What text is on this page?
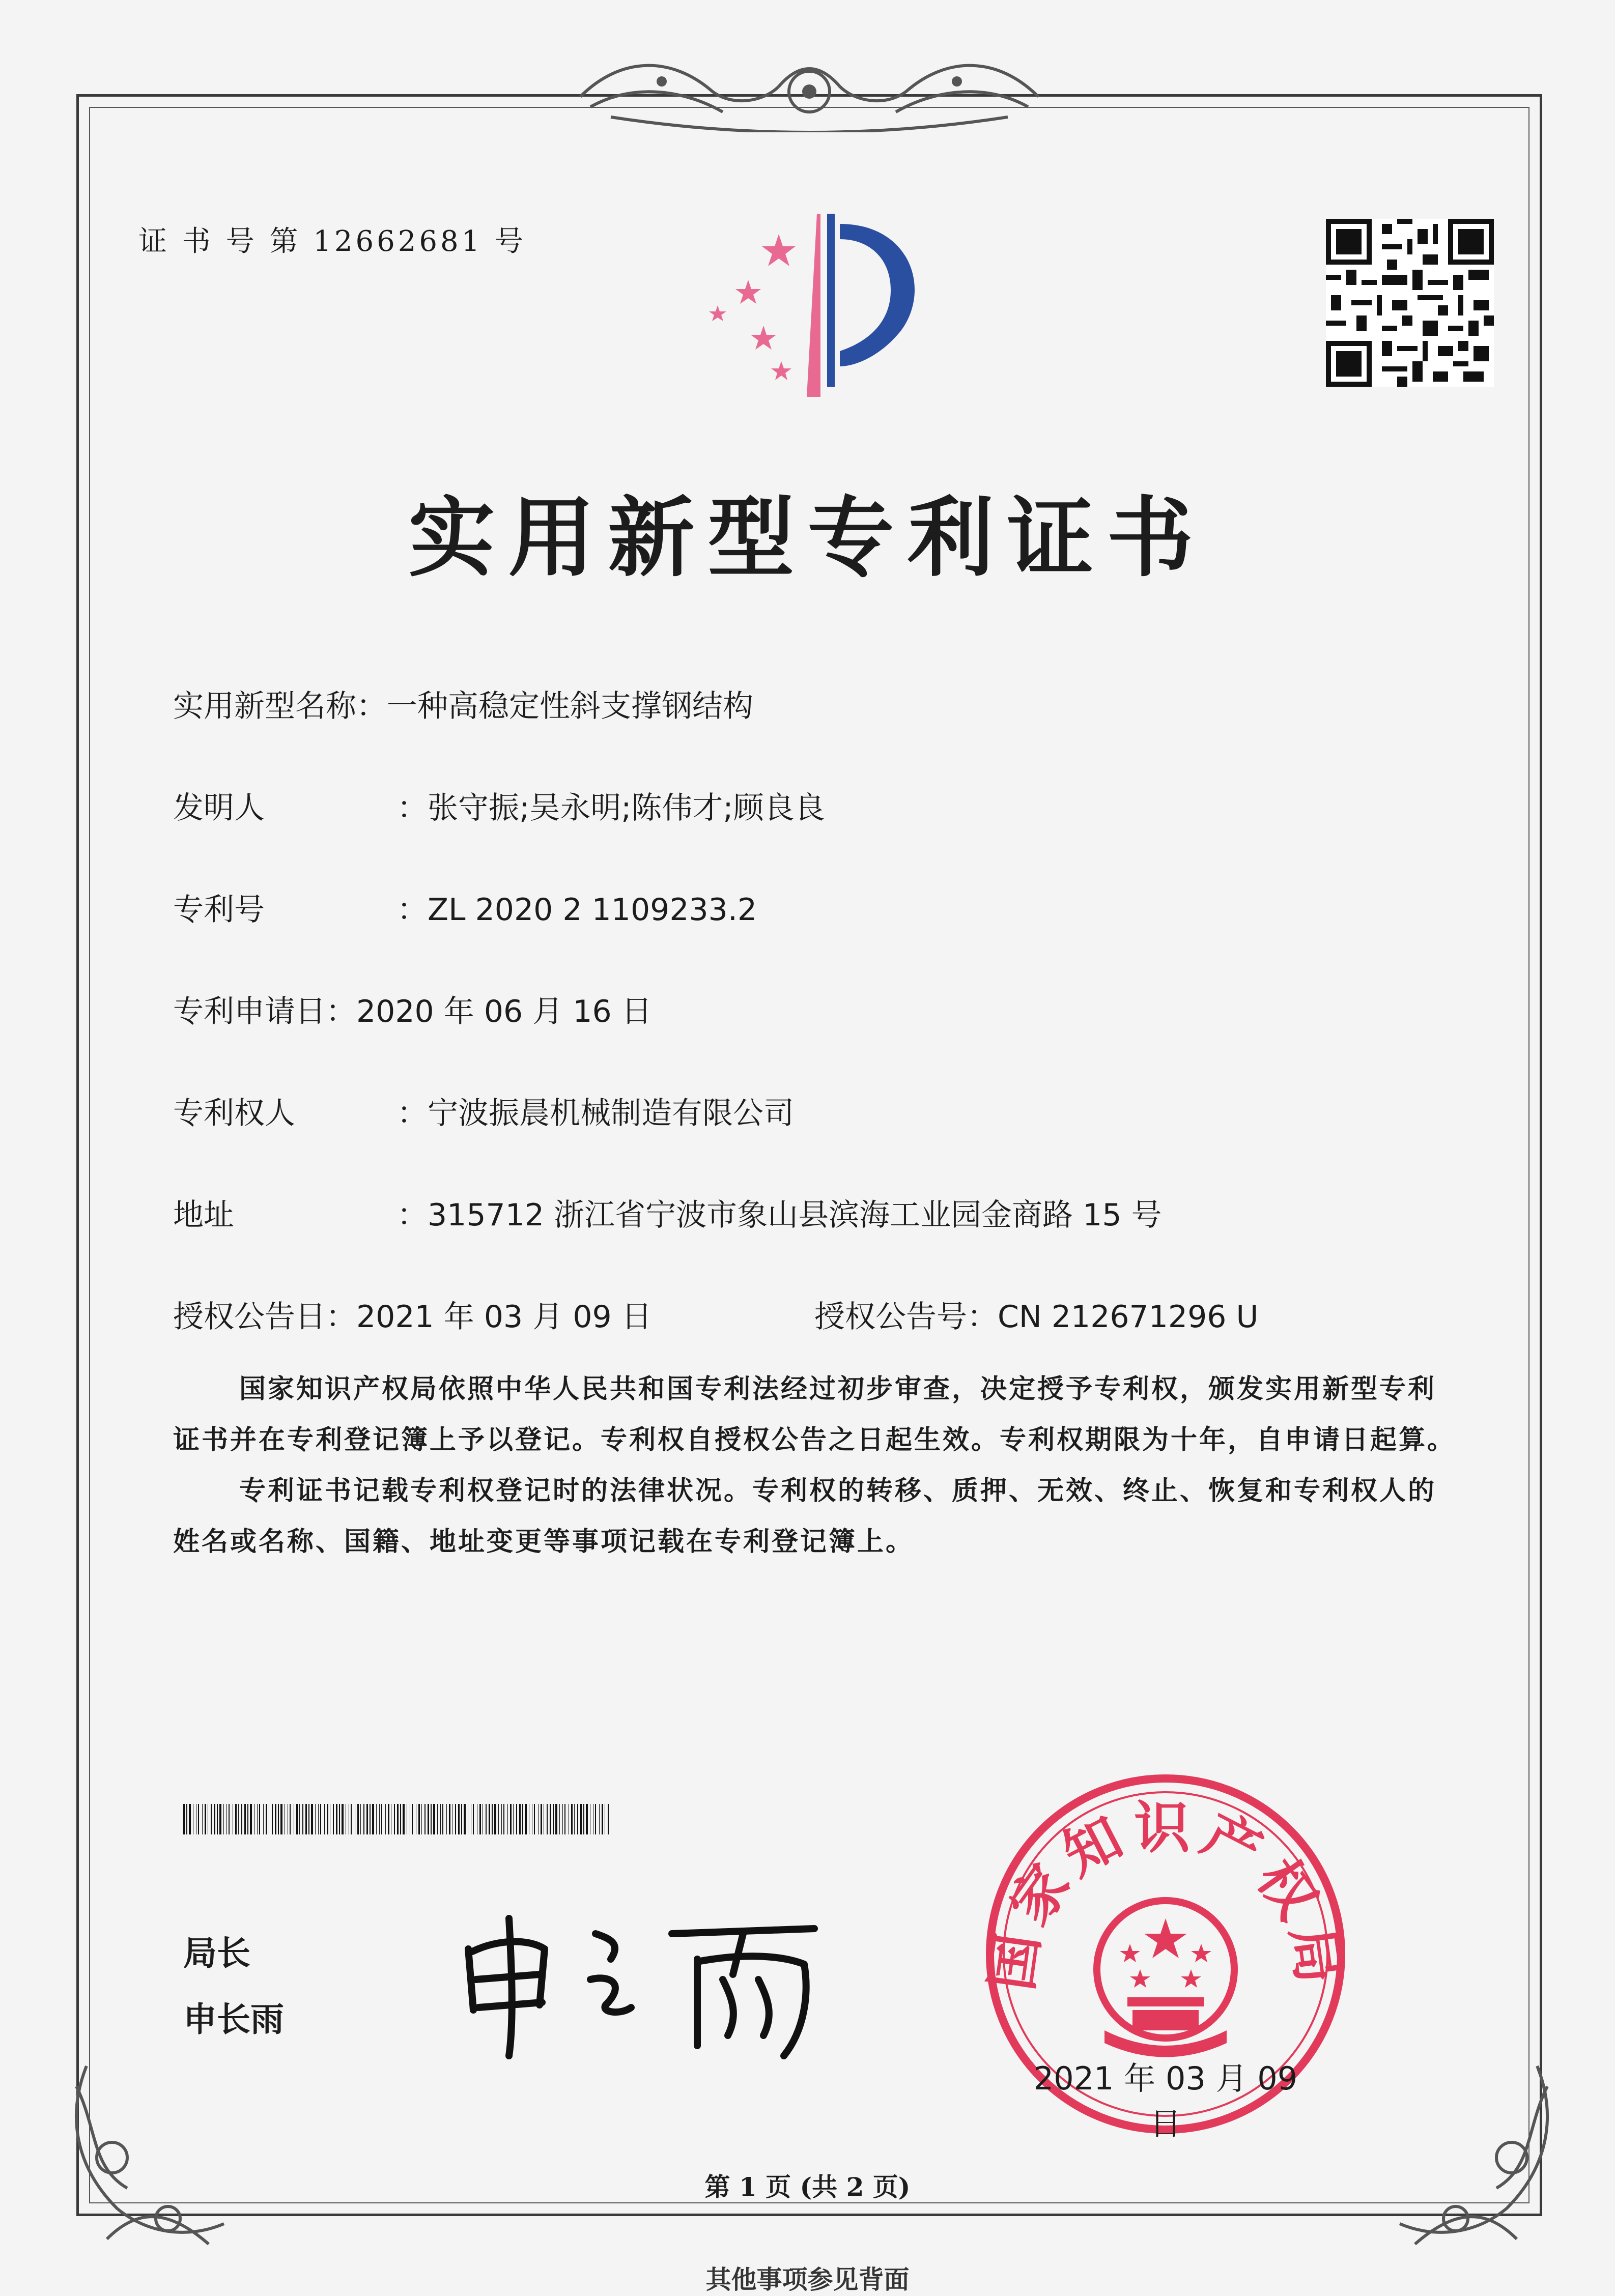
证 书 号 第 12662681 号
实用新型专利证书
实用新型名称：一种高稳定性斜支撑钢结构
发明人	：张守振;吴永明;陈伟才;顾良良
专利号	：ZL 2020 2 1109233.2
专利申请日：2020 年 06 月 16 日
专利权人	：宁波振晨机械制造有限公司
地址	：315712 浙江省宁波市象山县滨海工业园金商路 15 号
授权公告日：2021 年 03 月 09 日	授权公告号：CN 212671296 U

国家知识产权局依照中华人民共和国专利法经过初步审查，决定授予专利权，颁发实用新型专利证书并在专利登记簿上予以登记。专利权自授权公告之日起生效。专利权期限为十年，自申请日起算。

专利证书记载专利权登记时的法律状况。专利权的转移、质押、无效、终止、恢复和专利权人的姓名或名称、国籍、地址变更等事项记载在专利登记簿上。

局长
申长雨
国家知识产权局
2021 年 03 月 09 日
第 1 页 (共 2 页)
其他事项参见背面
